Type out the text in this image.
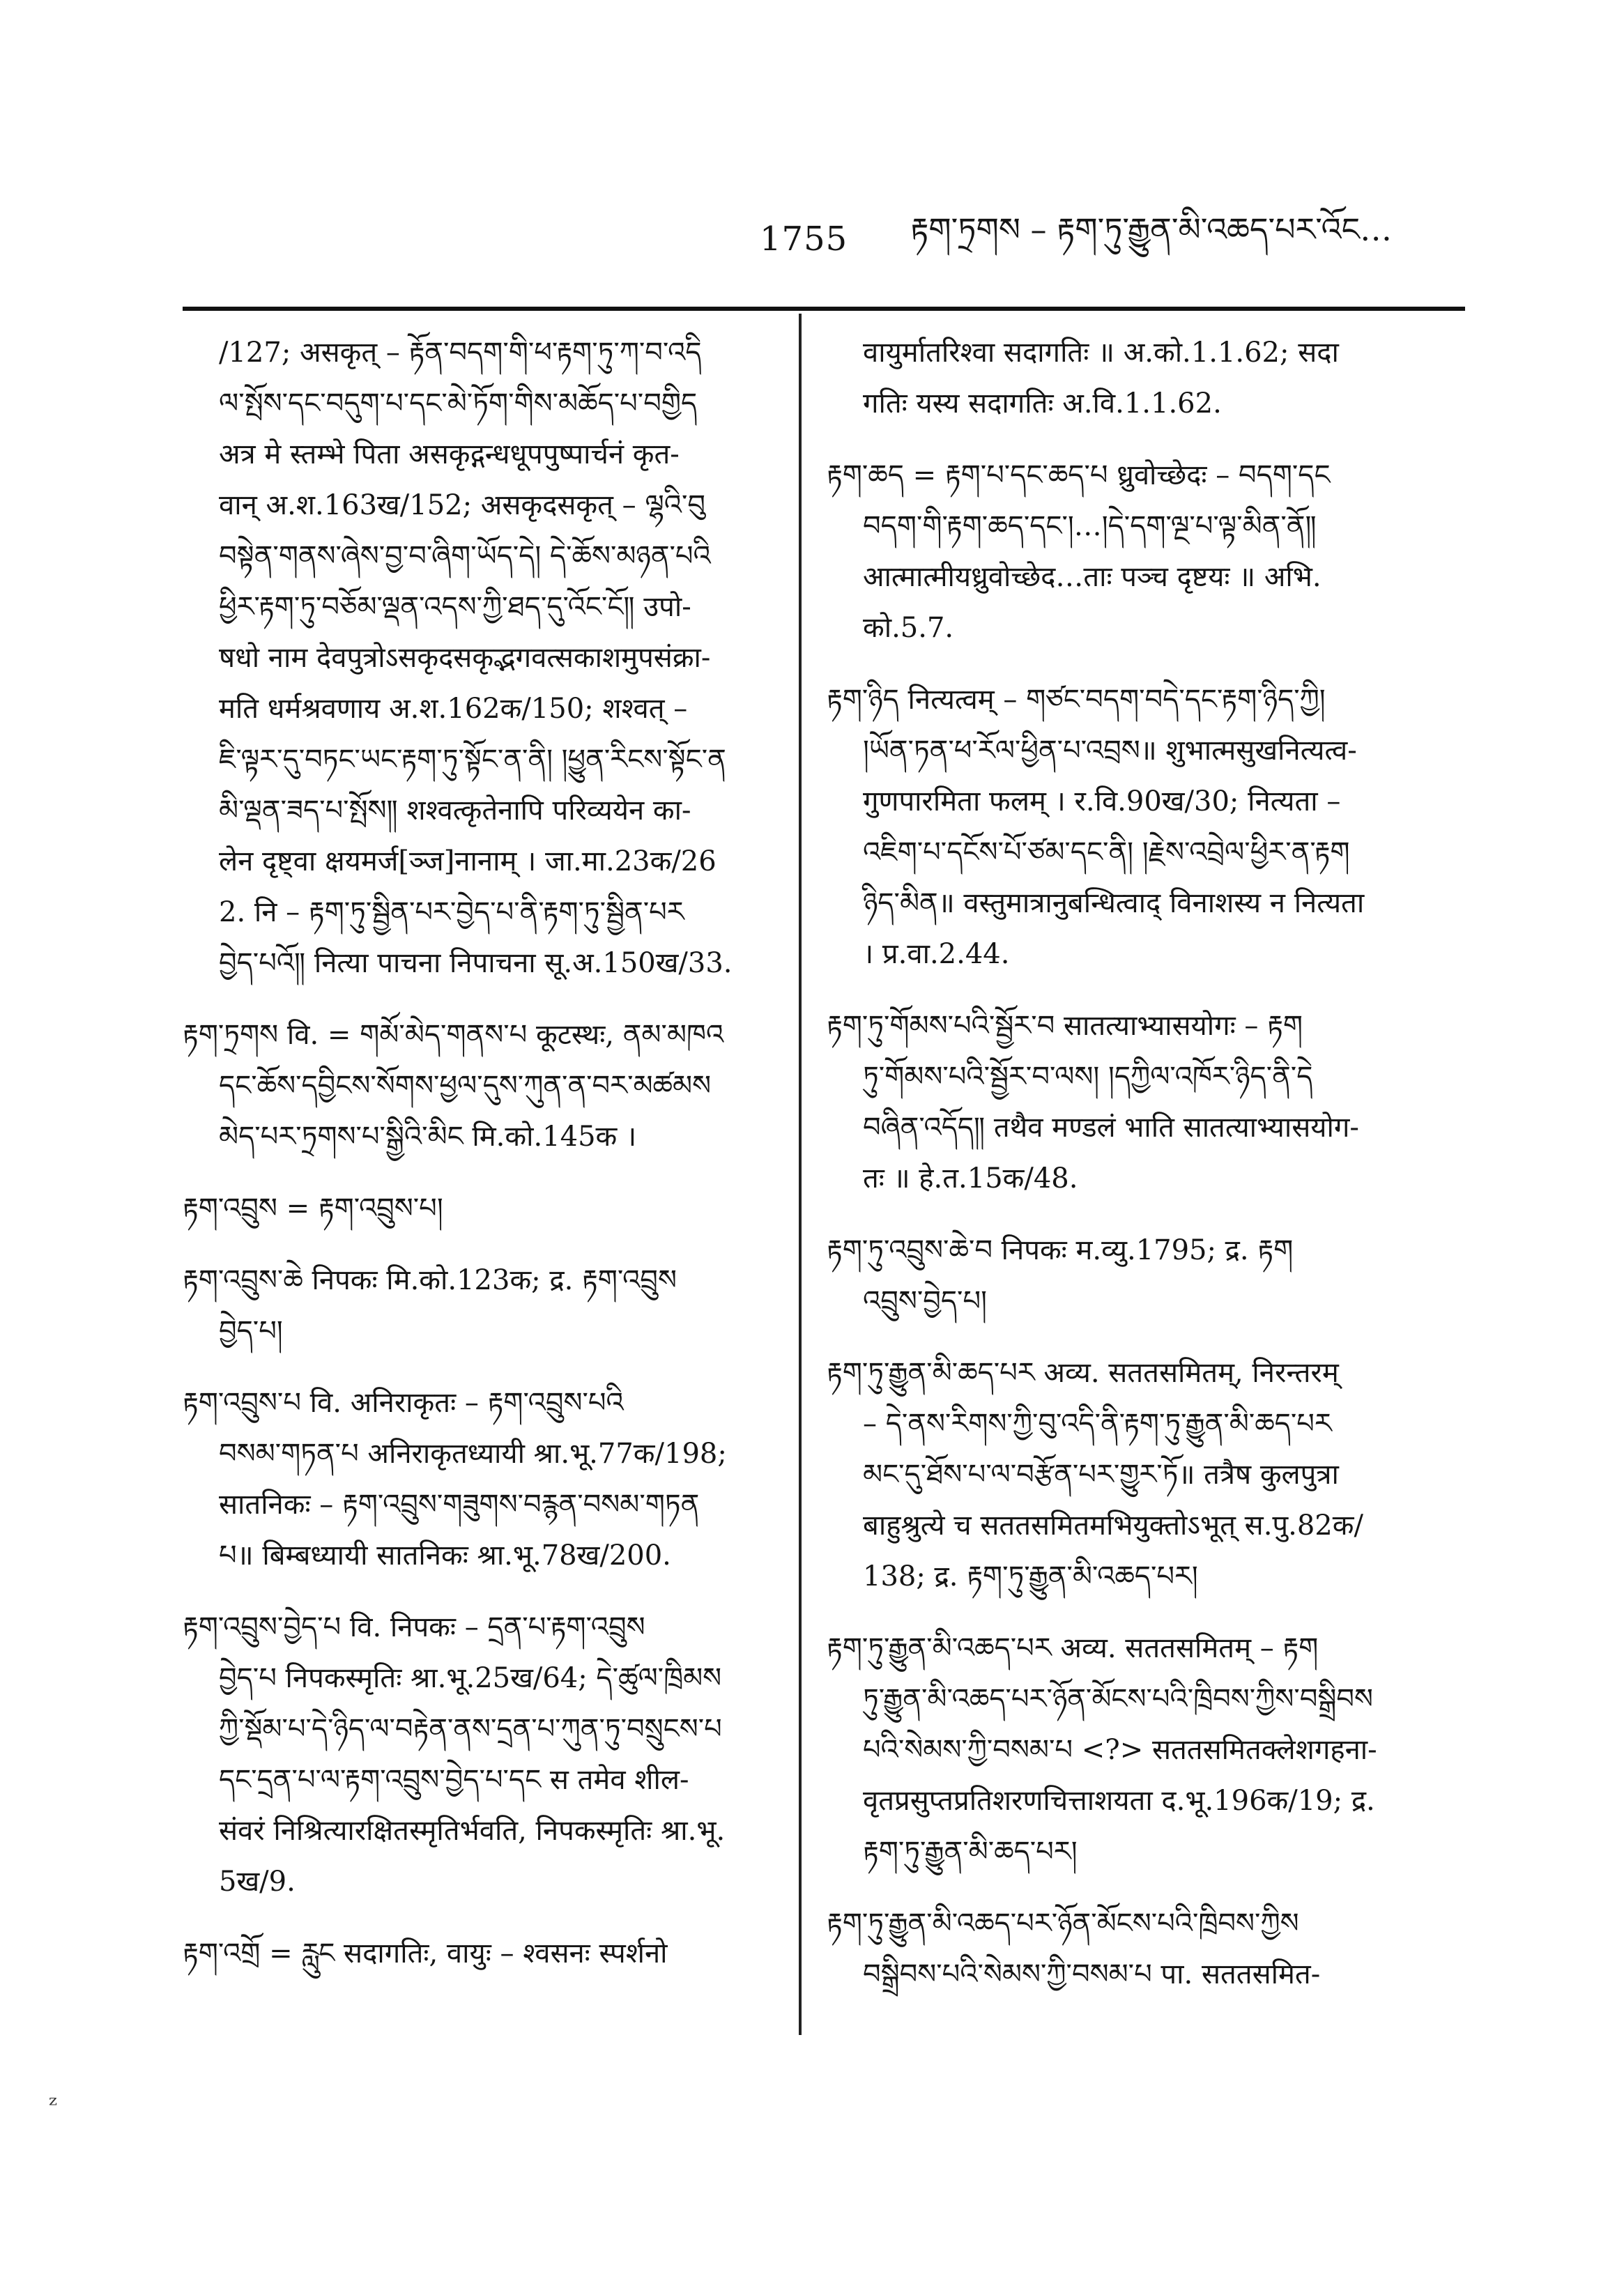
1755 རྟག་ཏྲགས – རྟག་ཏུ་རྒྱུན་མི་འཆད་པར་འོང…
/127; असकृत् – རྟོན་བདག་གི་ཕ་རྟག་ཏུ་ཀ་བ་འདི
ལ་སྤོས་དང་བདུག་པ་དང་མེ་ཏོག་གིས་མཆོད་པ་བགྱིད
अत्र मे स्तम्भे पिता असकृद्गन्धधूपपुष्पार्चनं कृत-
वान् अ.श.163ख/152; असकृदसकृत् – ལྷའི་བུ
བསྟེན་གནས་ཞེས་བྱ་བ་ཞིག་ཡོད་དེ། དེ་ཆོས་མཉན་པའི
ཕྱིར་རྟག་ཏུ་བཅོམ་ལྡན་འདས་ཀྱི་ཐད་དུ་འོང་ངོ༎ उपो-
षधो नाम देवपुत्रोऽसकृदसकृद्भगवत्सकाशमुपसंक्रा-
मति धर्मश्रवणाय अ.श.162क/150; शश्वत् –
ཇི་ལྟར་དུ་བཏང་ཡང་རྟག་ཏུ་སྟོང་ན་ནི། །ཕྱུན་རིངས་སྟོང་ན
མི་ལྡན་ཟད་པ་སྤོས༎ शश्वत्कृतेनापि परिव्ययेन का-
लेन दृष्ट्वा क्षयमर्ज[ञ्ज]नानाम् । जा.मा.23क/26
2. नि – རྟག་ཏུ་སྦྱིན་པར་བྱེད་པ་ནི་རྟག་ཏུ་སྦྱིན་པར
བྱེད་པའོ༎ नित्या पाचना निपाचना सू.अ.150ख/33.
རྟག་ཏྲགས वि. = གམོ་མེད་གནས་པ कूटस्थः, ནམ་མཁའ
དང་ཆོས་དབྱིངས་སོགས་ཕྱལ་དུས་ཀུན་ན་བར་མཚམས
མེད་པར་ཏྲགས་པ་སྒྱིའི་མིང मि.को.145क ।
རྟག་འབྲུས = རྟག་འབྲུས་པ།
རྟག་འབྲུས་ཆེ निपकः मि.को.123क; द्र. རྟག་འབྲུས
བྱེད་པ།
རྟག་འབྲུས་པ वि. अनिराकृतः – རྟག་འབྲུས་པའི
བསམ་གཏན་པ अनिराकृतध्यायी श्रा.भू.77क/198;
सातनिकः – རྟག་འབྲུས་གཟུགས་བརྙན་བསམ་གཏན
པ॥ बिम्बध्यायी सातनिकः श्रा.भू.78ख/200.
རྟག་འབྲུས་བྱེད་པ वि. निपकः – དྲན་པ་རྟག་འབྲུས
བྱེད་པ निपकस्मृतिः श्रा.भू.25ख/64; དེ་ཚུལ་ཁྲིམས
ཀྱི་སྡོམ་པ་དེ་ཉིད་ལ་བརྟེན་ནས་དྲན་པ་ཀུན་ཏུ་བསྲུངས་པ
དང་དྲན་པ་ལ་རྟག་འབྲུས་བྱེད་པ་དང स तमेव शील-
संवरं निश्रित्यारक्षितस्मृतिर्भवति, निपकस्मृतिः श्रा.भू.
5ख/9.
རྟག་འགྲོ = རླུང सदागतिः, वायुः – श्वसनः स्पर्शनो
वायुर्मातरिश्वा सदागतिः ॥ अ.को.1.1.62; सदा
गतिः यस्य सदागतिः अ.वि.1.1.62.
རྟག་ཆད = རྟག་པ་དང་ཆད་པ ध्रुवोच्छेदः – བདག་དང
བདག་གི་རྟག་ཆད་དང་།…།དེ་དག་ལྔ་པ་ལྟ་མིན་ནོ༎
आत्मात्मीयध्रुवोच्छेद…ताः पञ्च दृष्टयः ॥ अभि.
को.5.7.
རྟག་ཉིད नित्यत्वम् – གཙང་བདག་བདེ་དང་རྟག་ཉིད་ཀྱི།
།ཡོན་ཏན་ཕ་རོལ་ཕྱིན་པ་འབྲས॥ शुभात्मसुखनित्यत्व-
गुणपारमिता फलम् । र.वि.90ख/30; नित्यता –
འཇིག་པ་དངོས་པོ་ཙམ་དང་ནི། །རྗེས་འབྲེལ་ཕྱིར་ན་རྟག
ཉིད་མིན॥ वस्तुमात्रानुबन्धित्वाद् विनाशस्य न नित्यता
। प्र.वा.2.44.
རྟག་ཏུ་གོམས་པའི་སྦྱོར་བ सातत्याभ्यासयोगः – རྟག
ཏུ་གོམས་པའི་སྦྱོར་བ་ལས། །དཀྱིལ་འཁོར་ཉིད་ནི་དེ
བཞིན་འདོད༎ तथैव मण्डलं भाति सातत्याभ्यासयोग-
तः ॥ हे.त.15क/48.
རྟག་ཏུ་འབྲུས་ཆེ་བ निपकः म.व्यु.1795; द्र. རྟག
འབྲུས་བྱེད་པ།
རྟག་ཏུ་རྒྱུན་མི་ཆད་པར अव्य. सततसमितम्, निरन्तरम्
– དེ་ནས་རིགས་ཀྱི་བུ་འདི་ནི་རྟག་ཏུ་རྒྱུན་མི་ཆད་པར
མང་དུ་ཐོས་པ་ལ་བརྩོན་པར་གྱུར་ཏོ॥ तत्रैष कुलपुत्रा
बाहुश्रुत्ये च सततसमितमभियुक्तोऽभूत् स.पु.82क/
138; द्र. རྟག་ཏུ་རྒྱུན་མི་འཆད་པར།
རྟག་ཏུ་རྒྱུན་མི་འཆད་པར अव्य. सततसमितम् – རྟག
ཏུ་རྒྱུན་མི་འཆད་པར་ཉོན་མོངས་པའི་ཁྲིབས་ཀྱིས་བསྒྲིབས
པའི་སེམས་ཀྱི་བསམ་པ <?> सततसमितक्लेशगहना-
वृतप्रसुप्तप्रतिशरणचित्ताशयता द.भू.196क/19; द्र.
རྟག་ཏུ་རྒྱུན་མི་ཆད་པར།
རྟག་ཏུ་རྒྱུན་མི་འཆད་པར་ཉོན་མོངས་པའི་ཁྲིབས་ཀྱིས
བསྒྲིབས་པའི་སེམས་ཀྱི་བསམ་པ पा. सततसमित-
ᶻ
